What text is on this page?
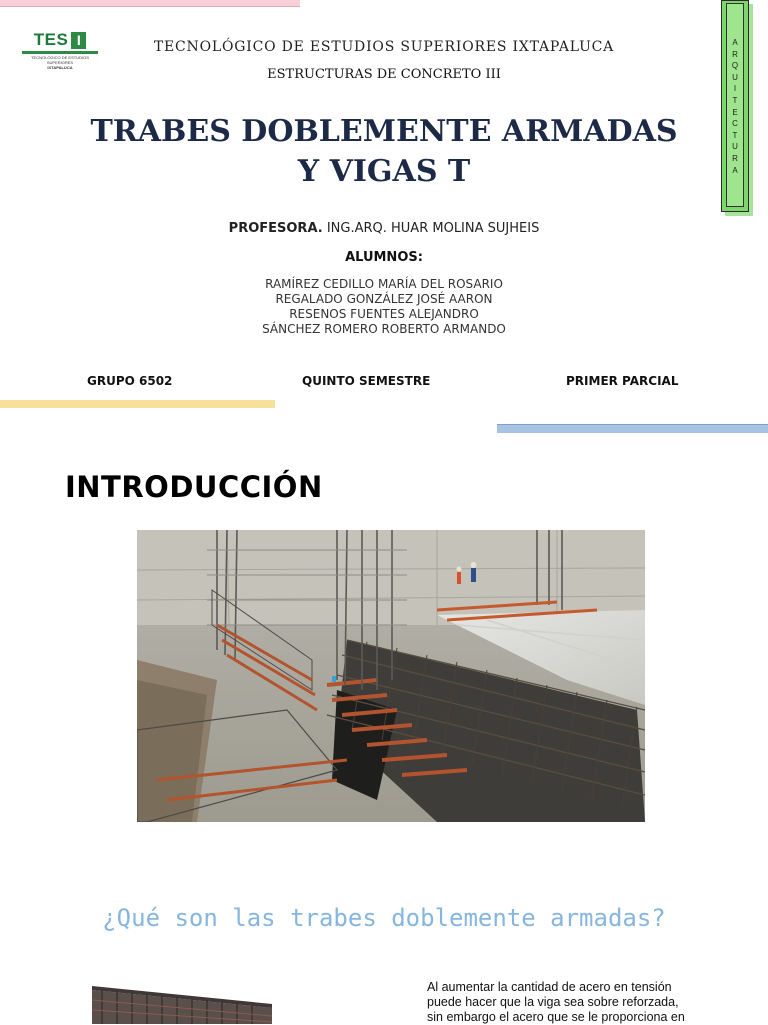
TES I
TECNOLÓGICO DE ESTUDIOS SUPERIORES
IXTAPALUCA
TECNOLÓGICO DE ESTUDIOS SUPERIORES IXTAPALUCA
ESTRUCTURAS DE CONCRETO III
A
R
Q
U
I
T
E
C
T
U
R
A
TRABES DOBLEMENTE ARMADAS
Y VIGAS T
PROFESORA. ING.ARQ. HUAR MOLINA SUJHEIS
ALUMNOS:
RAMÍREZ CEDILLO MARÍA DEL ROSARIO
REGALADO GONZÁLEZ JOSÉ AARON
RESENOS FUENTES ALEJANDRO
SÁNCHEZ ROMERO ROBERTO ARMANDO
GRUPO 6502	QUINTO SEMESTRE	PRIMER PARCIAL
INTRODUCCIÓN
¿Qué son las trabes doblemente armadas?
Al aumentar la cantidad de acero en tensión
puede hacer que la viga sea sobre reforzada,
sin embargo el acero que se le proporciona en
